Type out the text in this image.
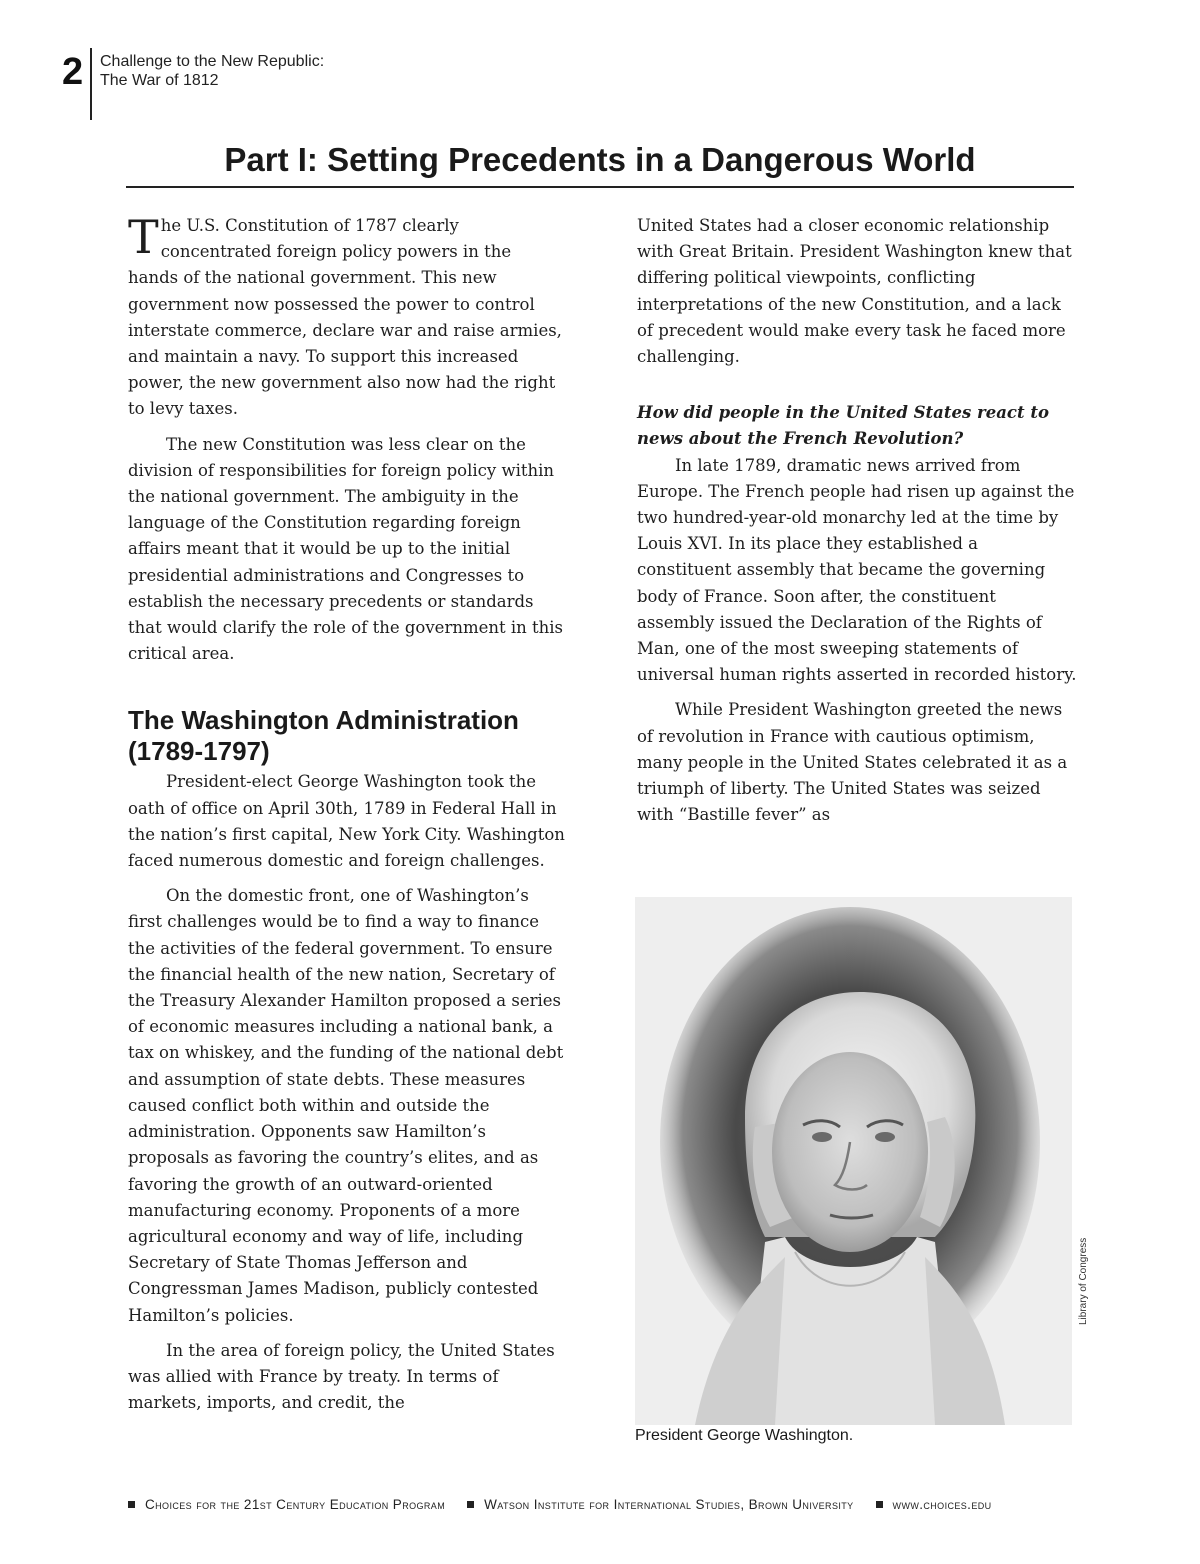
2 Challenge to the New Republic:
The War of 1812
Part I: Setting Precedents in a Dangerous World

The U.S. Constitution of 1787 clearly concentrated foreign policy powers in the hands of the national government. This new government now possessed the power to control interstate commerce, declare war and raise armies, and maintain a navy. To support this increased power, the new government also now had the right to levy taxes.

The new Constitution was less clear on the division of responsibilities for foreign policy within the national government. The ambiguity in the language of the Constitution regarding foreign affairs meant that it would be up to the initial presidential administrations and Congresses to establish the necessary precedents or standards that would clarify the role of the government in this critical area.

The Washington Administration (1789-1797)

President-elect George Washington took the oath of office on April 30th, 1789 in Federal Hall in the nation’s first capital, New York City. Washington faced numerous domestic and foreign challenges.

On the domestic front, one of Washington’s first challenges would be to find a way to finance the activities of the federal government. To ensure the financial health of the new nation, Secretary of the Treasury Alexander Hamilton proposed a series of economic measures including a national bank, a tax on whiskey, and the funding of the national debt and assumption of state debts. These measures caused conflict both within and outside the administration. Opponents saw Hamilton’s proposals as favoring the country’s elites, and as favoring the growth of an outward-oriented manufacturing economy. Proponents of a more agricultural economy and way of life, including Secretary of State Thomas Jefferson and Congressman James Madison, publicly contested Hamilton’s policies.

In the area of foreign policy, the United States was allied with France by treaty. In terms of markets, imports, and credit, the

United States had a closer economic relationship with Great Britain. President Washington knew that differing political viewpoints, conflicting interpretations of the new Constitution, and a lack of precedent would make every task he faced more challenging.

How did people in the United States react to news about the French Revolution?

In late 1789, dramatic news arrived from Europe. The French people had risen up against the two hundred-year-old monarchy led at the time by Louis XVI. In its place they established a constituent assembly that became the governing body of France. Soon after, the constituent assembly issued the Declaration of the Rights of Man, one of the most sweeping statements of universal human rights asserted in recorded history.

While President Washington greeted the news of revolution in France with cautious optimism, many people in the United States celebrated it as a triumph of liberty. The United States was seized with “Bastille fever” as

Library of Congress
President George Washington.
Choices for the 21st Century Education Program	Watson Institute for International Studies, Brown University	www.choices.edu
